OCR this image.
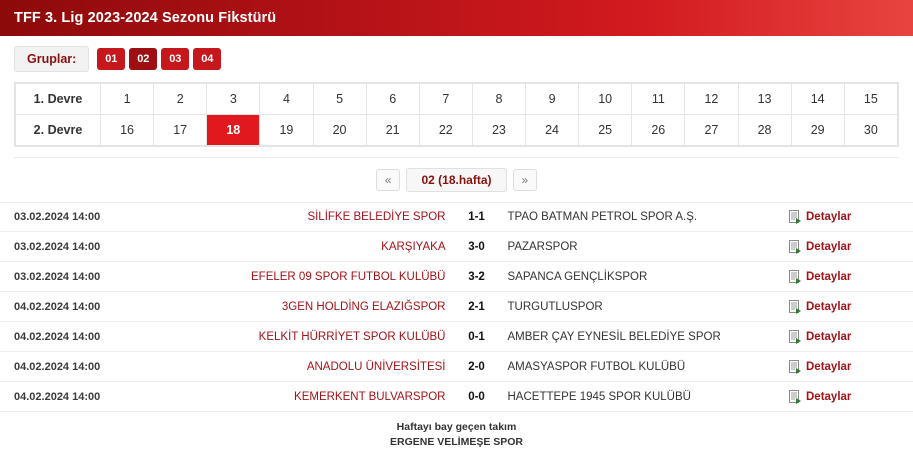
TFF 3. Lig 2023-2024 Sezonu Fikstürü
Gruplar:	01	02	03	04
1. Devre	1	2	3	4	5	6	7	8	9	10	11	12	13	14	15
2. Devre	16	17	18	19	20	21	22	23	24	25	26	27	28	29	30
«	02 (18.hafta)	»
03.02.2024 14:00	SİLİFKE BELEDİYE SPOR	1-1	TPAO BATMAN PETROL SPOR A.Ş.	Detaylar
03.02.2024 14:00	KARŞIYAKA	3-0	PAZARSPOR	Detaylar
03.02.2024 14:00	EFELER 09 SPOR FUTBOL KULÜBÜ	3-2	SAPANCA GENÇLİKSPOR	Detaylar
04.02.2024 14:00	3GEN HOLDİNG ELAZIĞSPOR	2-1	TURGUTLUSPOR	Detaylar
04.02.2024 14:00	KELKİT HÜRRİYET SPOR KULÜBÜ	0-1	AMBER ÇAY EYNESİL BELEDİYE SPOR	Detaylar
04.02.2024 14:00	ANADOLU ÜNİVERSİTESİ	2-0	AMASYASPOR FUTBOL KULÜBÜ	Detaylar
04.02.2024 14:00	KEMERKENT BULVARSPOR	0-0	HACETTEPE 1945 SPOR KULÜBÜ	Detaylar
Haftayı bay geçen takım
ERGENE VELİMEŞE SPOR
